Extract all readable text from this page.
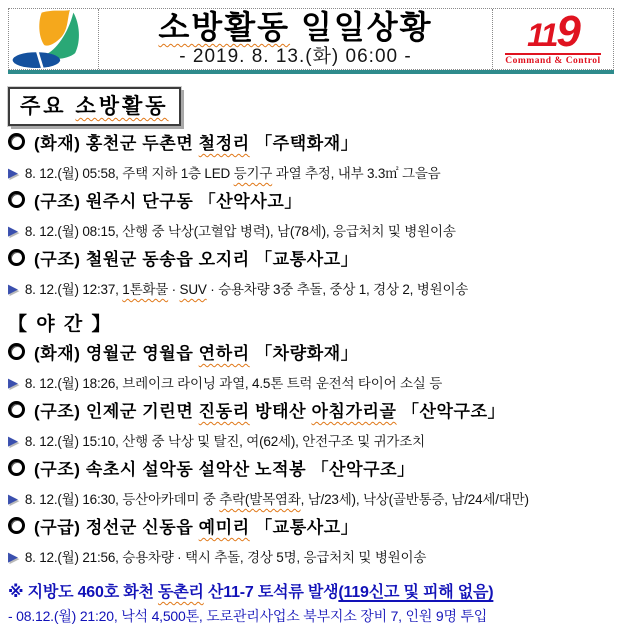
소방활동 일일상황
- 2019. 8. 13.(화) 06:00 -
119
Command & Control
주요 소방활동
(화재) 홍천군 두촌면 철정리 「주택화재」
▶ 8. 12.(월) 05:58, 주택 지하 1층 LED 등기구 과열 추정, 내부 3.3㎡ 그을음
(구조) 원주시 단구동 「산악사고」
▶ 8. 12.(월) 08:15, 산행 중 낙상(고혈압 병력), 남(78세), 응급처치 및 병원이송
(구조) 철원군 동송읍 오지리 「교통사고」
▶ 8. 12.(월) 12:37, 1톤화물 · SUV · 승용차량 3중 추돌, 중상 1, 경상 2, 병원이송
【 야 간 】
(화재) 영월군 영월읍 연하리 「차량화재」
▶ 8. 12.(월) 18:26, 브레이크 라이닝 과열, 4.5톤 트럭 운전석 타이어 소실 등
(구조) 인제군 기린면 진동리 방태산 아침가리골 「산악구조」
▶ 8. 12.(월) 15:10, 산행 중 낙상 및 탈진, 여(62세), 안전구조 및 귀가조치
(구조) 속초시 설악동 설악산 노적봉 「산악구조」
▶ 8. 12.(월) 16:30, 등산아카데미 중 추락(발목염좌, 남/23세), 낙상(골반통증, 남/24세/대만)
(구급) 정선군 신동읍 예미리 「교통사고」
▶ 8. 12.(월) 21:56, 승용차량 · 택시 추돌, 경상 5명, 응급처치 및 병원이송
※ 지방도 460호 화천 동촌리 산11-7 토석류 발생(119신고 및 피해 없음)
- 08.12.(월) 21:20, 낙석 4,500톤, 도로관리사업소 북부지소 장비 7, 인원 9명 투입
